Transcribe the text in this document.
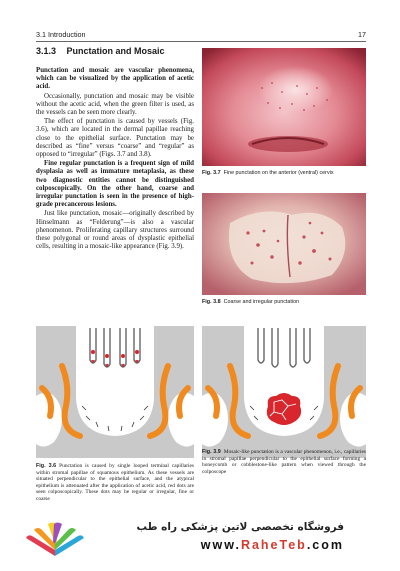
3.1 Introduction	17
3.1.3 Punctation and Mosaic

Punctation and mosaic are vascular phenomena, which can be visualized by the application of acetic acid.

Occasionally, punctation and mosaic may be visible without the acetic acid, when the green filter is used, as the vessels can be seen more clearly.

The effect of punctation is caused by vessels (Fig. 3.6), which are located in the dermal papillae reaching close to the epithelial surface. Punctation may be described as “fine” versus “coarse” and “regular” as opposed to “irregular” (Figs. 3.7 and 3.8).

Fine regular punctation is a frequent sign of mild dysplasia as well as immature metaplasia, as these two diagnostic entities cannot be distinguished colposcopically. On the other hand, coarse and irregular punctation is seen in the presence of high-grade precancerous lesions.

Just like punctation, mosaic—originally described by Hinselmann as “Felderung”—is also a vascular phenomenon. Proliferating capillary structures surround these polygonal or round areas of dysplastic epithelial cells, resulting in a mosaic-like appearance (Fig. 3.9).

Fig. 3.7 Fine punctation on the anterior (ventral) cervix
Fig. 3.8 Coarse and irregular punctation
Fig. 3.6 Punctation is caused by single looped terminal capillaries within stromal papillae of squamous epithelium. As these vessels are situated perpendicular to the epithelial surface, and the atypical epithelium is attenuated after the application of acetic acid, red dots are seen colposcopically. These dots may be regular or irregular, fine or coarse
Fig. 3.9 Mosaic-like punctation is a vascular phenomenon, i.e., capillaries in stromal papillae perpendicular to the epithelial surface forming a honeycomb or cobblestone-like pattern when viewed through the colposcope
فروشگاه تخصصی لاتین پزشکی راه طب
www.RaheTeb.com
